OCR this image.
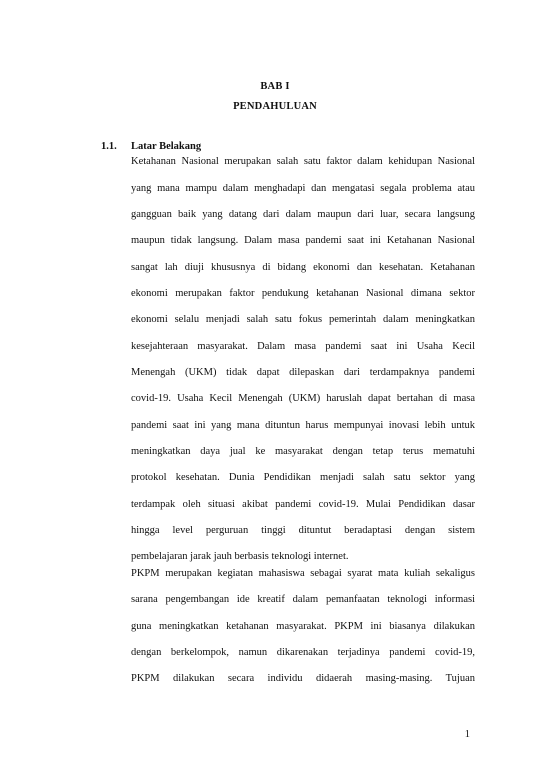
BAB I
PENDAHULUAN
1.1. Latar Belakang
Ketahanan Nasional merupakan salah satu faktor dalam kehidupan Nasional
yang mana mampu dalam menghadapi dan mengatasi segala problema atau
gangguan baik yang datang dari dalam maupun dari luar, secara langsung
maupun tidak langsung. Dalam masa pandemi saat ini Ketahanan Nasional
sangat lah diuji khususnya di bidang ekonomi dan kesehatan. Ketahanan
ekonomi merupakan faktor pendukung ketahanan Nasional dimana sektor
ekonomi selalu menjadi salah satu fokus pemerintah dalam meningkatkan
kesejahteraan masyarakat. Dalam masa pandemi saat ini Usaha Kecil
Menengah (UKM) tidak dapat dilepaskan dari terdampaknya pandemi
covid-19. Usaha Kecil Menengah (UKM) haruslah dapat bertahan di masa
pandemi saat ini yang mana dituntun harus mempunyai inovasi lebih untuk
meningkatkan daya jual ke masyarakat dengan tetap terus mematuhi
protokol kesehatan. Dunia Pendidikan menjadi salah satu sektor yang
terdampak oleh situasi akibat pandemi covid-19. Mulai Pendidikan dasar
hingga level perguruan tinggi dituntut beradaptasi dengan sistem
pembelajaran jarak jauh berbasis teknologi internet.
PKPM merupakan kegiatan mahasiswa sebagai syarat mata kuliah sekaligus
sarana pengembangan ide kreatif dalam pemanfaatan teknologi informasi
guna meningkatkan ketahanan masyarakat. PKPM ini biasanya dilakukan
dengan berkelompok, namun dikarenakan terjadinya pandemi covid-19,
PKPM dilakukan secara individu didaerah masing-masing. Tujuan
1
